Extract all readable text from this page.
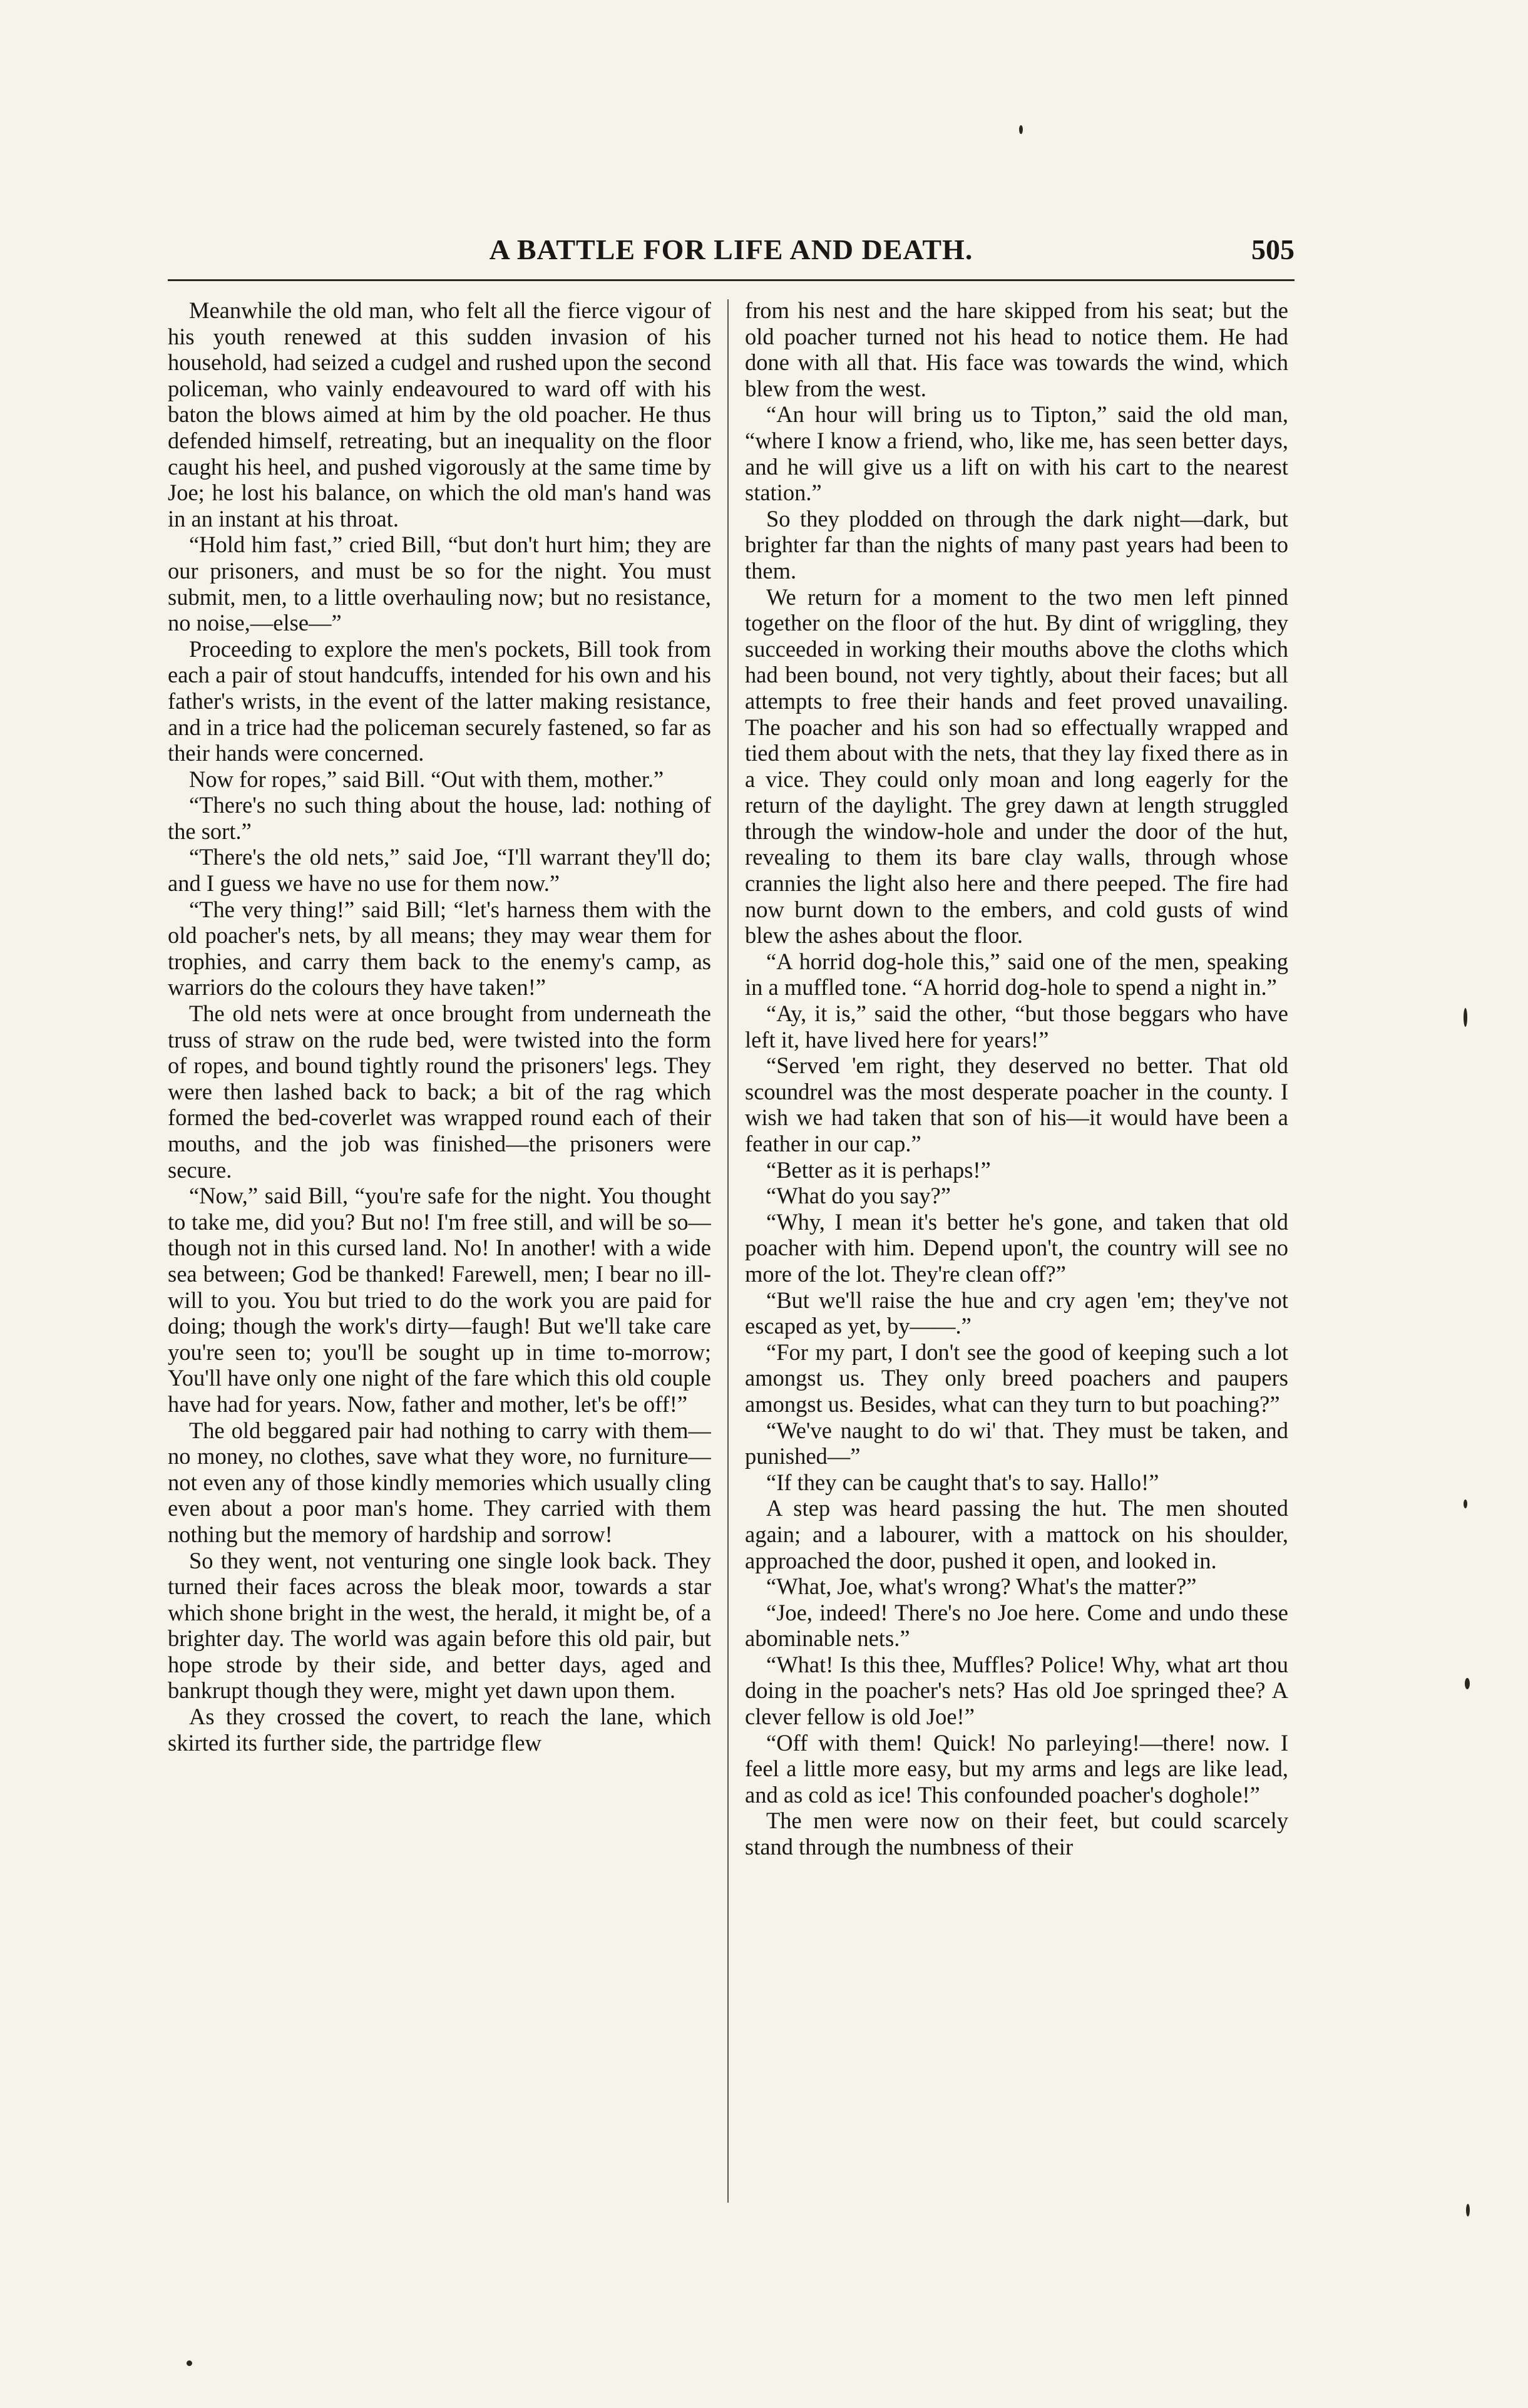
A BATTLE FOR LIFE AND DEATH.	505

Meanwhile the old man, who felt all the fierce vigour of his youth renewed at this sudden invasion of his household, had seized a cudgel and rushed upon the second policeman, who vainly endeavoured to ward off with his baton the blows aimed at him by the old poacher. He thus defended himself, retreating, but an inequality on the floor caught his heel, and pushed vigorously at the same time by Joe; he lost his balance, on which the old man's hand was in an instant at his throat.

“Hold him fast,” cried Bill, “but don't hurt him; they are our prisoners, and must be so for the night. You must submit, men, to a little overhauling now; but no resistance, no noise,—else—”

Proceeding to explore the men's pockets, Bill took from each a pair of stout handcuffs, intended for his own and his father's wrists, in the event of the latter making resistance, and in a trice had the policeman securely fastened, so far as their hands were concerned.

Now for ropes,” said Bill. “Out with them, mother.”

“There's no such thing about the house, lad: nothing of the sort.”

“There's the old nets,” said Joe, “I'll warrant they'll do; and I guess we have no use for them now.”

“The very thing!” said Bill; “let's harness them with the old poacher's nets, by all means; they may wear them for trophies, and carry them back to the enemy's camp, as warriors do the colours they have taken!”

The old nets were at once brought from underneath the truss of straw on the rude bed, were twisted into the form of ropes, and bound tightly round the prisoners' legs. They were then lashed back to back; a bit of the rag which formed the bed-coverlet was wrapped round each of their mouths, and the job was finished—the prisoners were secure.

“Now,” said Bill, “you're safe for the night. You thought to take me, did you? But no! I'm free still, and will be so—though not in this cursed land. No! In another! with a wide sea between; God be thanked! Farewell, men; I bear no ill-will to you. You but tried to do the work you are paid for doing; though the work's dirty—faugh! But we'll take care you're seen to; you'll be sought up in time to-morrow; You'll have only one night of the fare which this old couple have had for years. Now, father and mother, let's be off!”

The old beggared pair had nothing to carry with them—no money, no clothes, save what they wore, no furniture—not even any of those kindly memories which usually cling even about a poor man's home. They carried with them nothing but the memory of hardship and sorrow!

So they went, not venturing one single look back. They turned their faces across the bleak moor, towards a star which shone bright in the west, the herald, it might be, of a brighter day. The world was again before this old pair, but hope strode by their side, and better days, aged and bankrupt though they were, might yet dawn upon them.

As they crossed the covert, to reach the lane, which skirted its further side, the partridge flew

from his nest and the hare skipped from his seat; but the old poacher turned not his head to notice them. He had done with all that. His face was towards the wind, which blew from the west.

“An hour will bring us to Tipton,” said the old man, “where I know a friend, who, like me, has seen better days, and he will give us a lift on with his cart to the nearest station.”

So they plodded on through the dark night—dark, but brighter far than the nights of many past years had been to them.

We return for a moment to the two men left pinned together on the floor of the hut. By dint of wriggling, they succeeded in working their mouths above the cloths which had been bound, not very tightly, about their faces; but all attempts to free their hands and feet proved unavailing. The poacher and his son had so effectually wrapped and tied them about with the nets, that they lay fixed there as in a vice. They could only moan and long eagerly for the return of the daylight. The grey dawn at length struggled through the window-hole and under the door of the hut, revealing to them its bare clay walls, through whose crannies the light also here and there peeped. The fire had now burnt down to the embers, and cold gusts of wind blew the ashes about the floor.

“A horrid dog-hole this,” said one of the men, speaking in a muffled tone. “A horrid dog-hole to spend a night in.”

“Ay, it is,” said the other, “but those beggars who have left it, have lived here for years!”

“Served 'em right, they deserved no better. That old scoundrel was the most desperate poacher in the county. I wish we had taken that son of his—it would have been a feather in our cap.”

“Better as it is perhaps!”

“What do you say?”

“Why, I mean it's better he's gone, and taken that old poacher with him. Depend upon't, the country will see no more of the lot. They're clean off?”

“But we'll raise the hue and cry agen 'em; they've not escaped as yet, by——.”

“For my part, I don't see the good of keeping such a lot amongst us. They only breed poachers and paupers amongst us. Besides, what can they turn to but poaching?”

“We've naught to do wi' that. They must be taken, and punished—”

“If they can be caught that's to say. Hallo!”

A step was heard passing the hut. The men shouted again; and a labourer, with a mattock on his shoulder, approached the door, pushed it open, and looked in.

“What, Joe, what's wrong? What's the matter?”

“Joe, indeed! There's no Joe here. Come and undo these abominable nets.”

“What! Is this thee, Muffles? Police! Why, what art thou doing in the poacher's nets? Has old Joe springed thee? A clever fellow is old Joe!”

“Off with them! Quick! No parleying!—there! now. I feel a little more easy, but my arms and legs are like lead, and as cold as ice! This confounded poacher's doghole!”

The men were now on their feet, but could scarcely stand through the numbness of their
